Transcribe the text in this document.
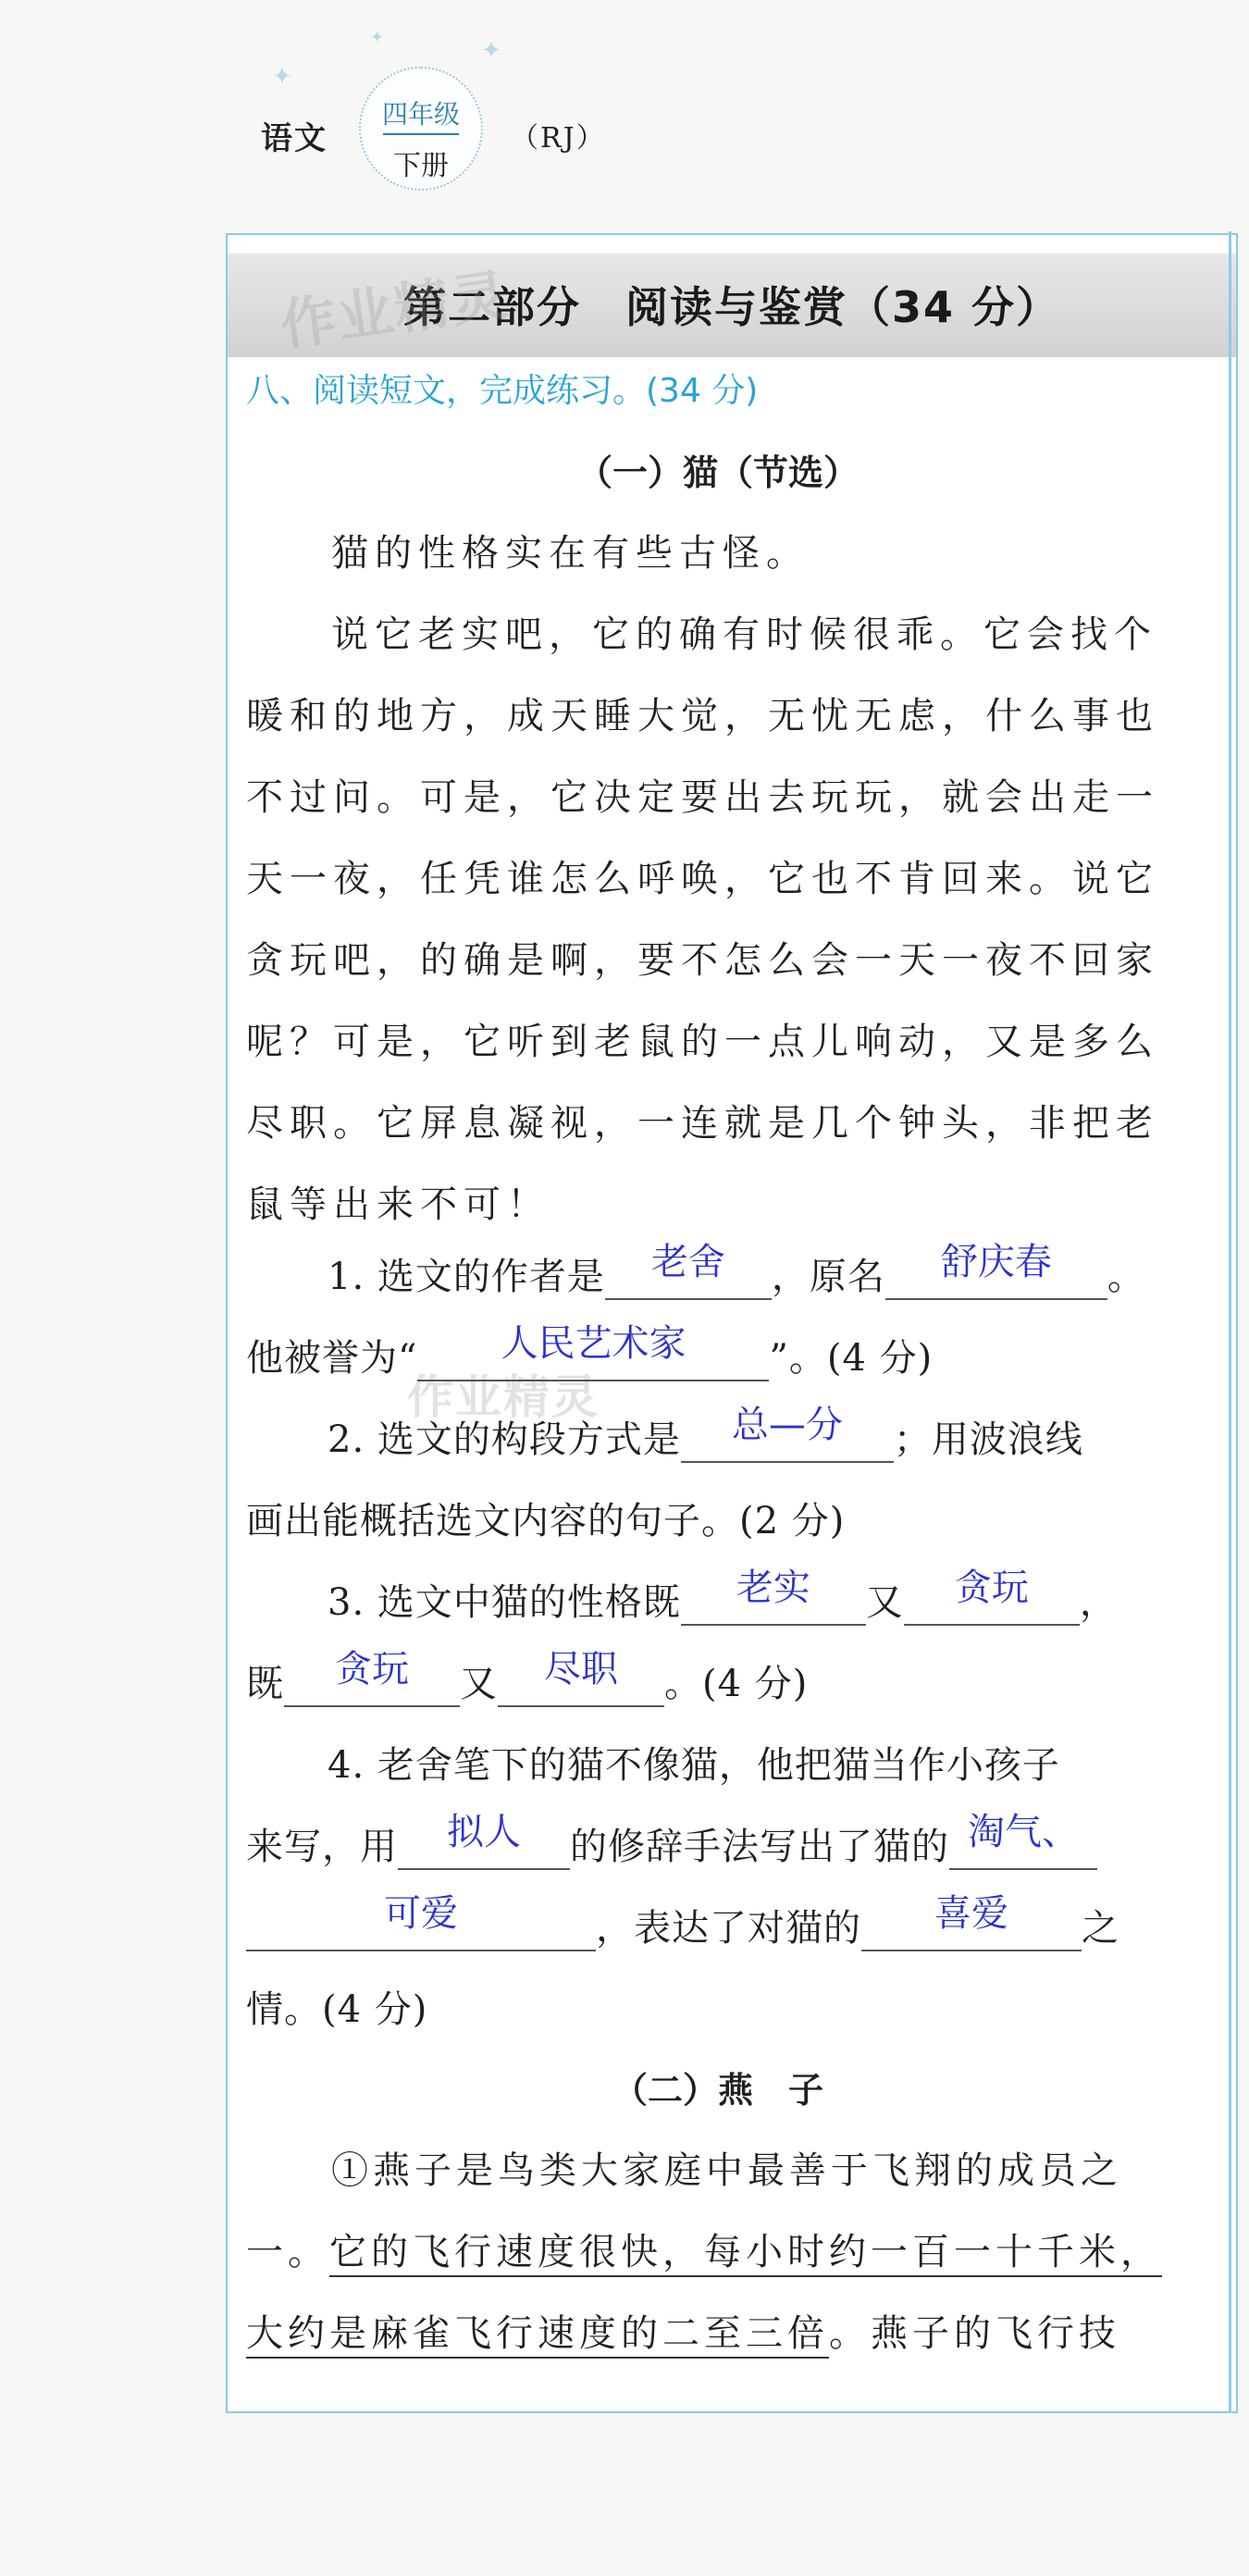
✦
✦
✦
语文
四年级
下册
（RJ）
第二部分　阅读与鉴赏（34 分）
作业精灵
作业精灵
八、阅读短文，完成练习。(34 分)
（一）猫（节选）
猫的性格实在有些古怪。
说它老实吧，它的确有时候很乖。它会找个
暖和的地方，成天睡大觉，无忧无虑，什么事也
不过问。可是，它决定要出去玩玩，就会出走一
天一夜，任凭谁怎么呼唤，它也不肯回来。说它
贪玩吧，的确是啊，要不怎么会一天一夜不回家
呢？可是，它听到老鼠的一点儿响动，又是多么
尽职。它屏息凝视，一连就是几个钟头，非把老
鼠等出来不可！
1. 选文的作者是	老舍	，原名	舒庆春	。
他被誉为“	人民艺术家	”。(4 分)
2. 选文的构段方式是	总—分	；用波浪线
画出能概括选文内容的句子。(2 分)
3. 选文中猫的性格既	老实	又	贪玩	，
既	贪玩	又	尽职	。(4 分)
4. 老舍笔下的猫不像猫，他把猫当作小孩子
来写，用	拟人	的修辞手法写出了猫的 淘气、
可爱	，表达了对猫的	喜爱	之
情。(4 分)
（二）燕　子
①燕子是鸟类大家庭中最善于飞翔的成员之
一。它的飞行速度很快，每小时约一百一十千米，
大约是麻雀飞行速度的二至三倍。燕子的飞行技
